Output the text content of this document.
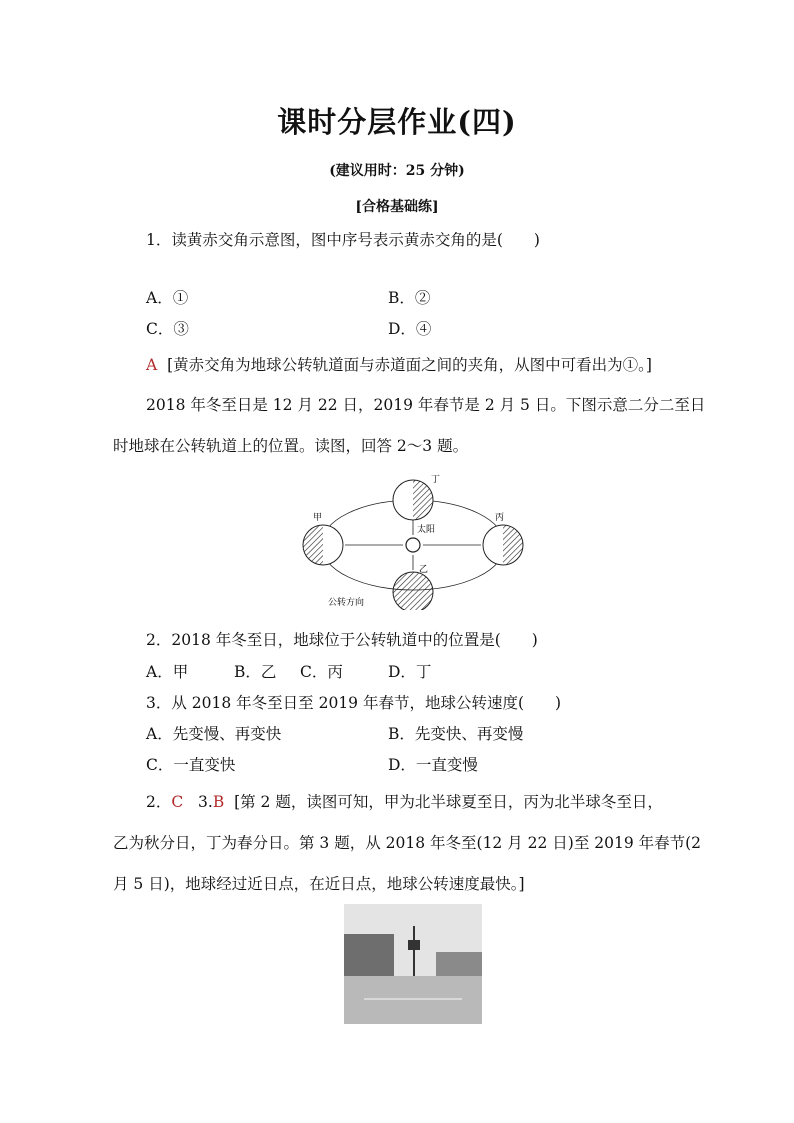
课时分层作业(四)
(建议用时：25 分钟)
[合格基础练]
1．读黄赤交角示意图，图中序号表示黄赤交角的是(　　)
A．①	B．②
C．③	D．④
A [黄赤交角为地球公转轨道面与赤道面之间的夹角，从图中可看出为①。]
2018 年冬至日是 12 月 22 日，2019 年春节是 2 月 5 日。下图示意二分二至日
时地球在公转轨道上的位置。读图，回答 2～3 题。
甲
乙
丙
丁
太阳
公转方向
2．2018 年冬至日，地球位于公转轨道中的位置是(　　)
A．甲	B．乙 C．丙	D．丁
3．从 2018 年冬至日至 2019 年春节，地球公转速度(　　)
A．先变慢、再变快	B．先变快、再变慢
C．一直变快	D．一直变慢
2．C 3.B [第 2 题，读图可知，甲为北半球夏至日，丙为北半球冬至日，
乙为秋分日，丁为春分日。第 3 题，从 2018 年冬至(12 月 22 日)至 2019 年春节(2
月 5 日)，地球经过近日点，在近日点，地球公转速度最快。]
